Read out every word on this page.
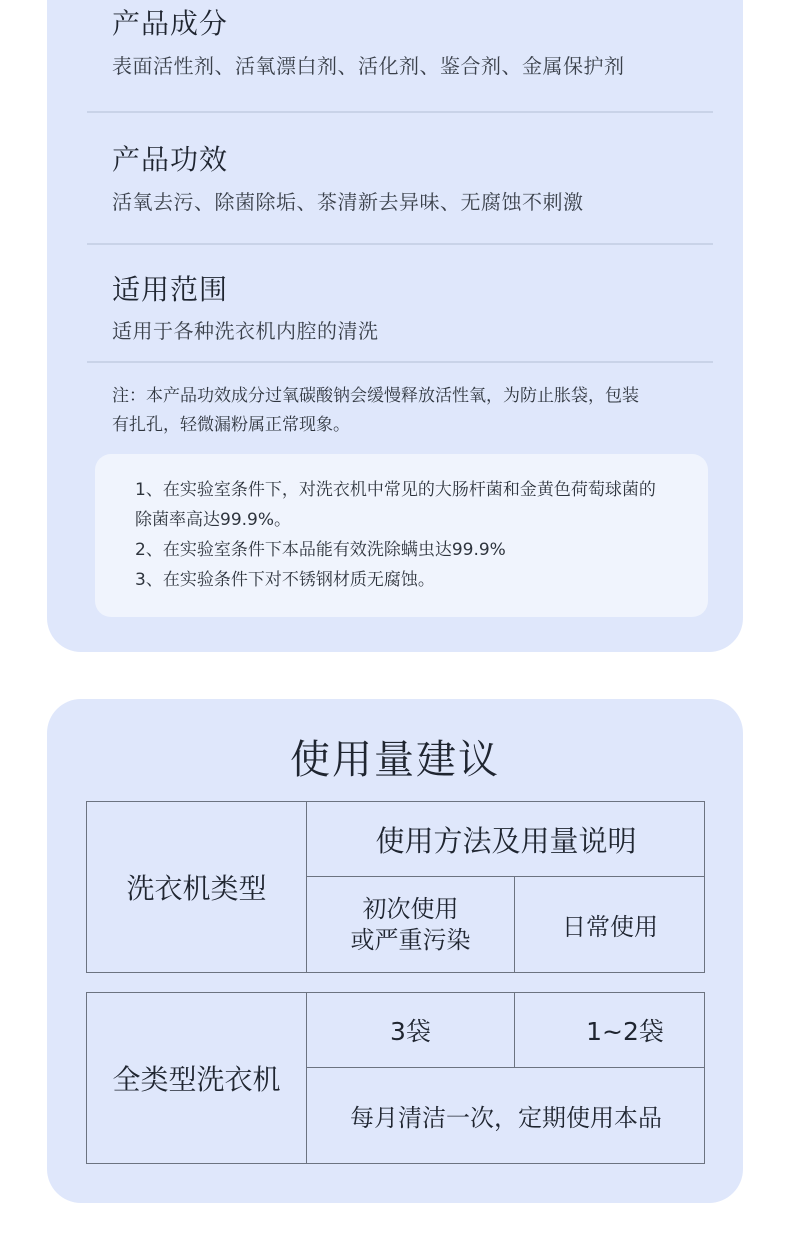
产品成分
表面活性剂、活氧漂白剂、活化剂、鉴合剂、金属保护剂
产品功效
活氧去污、除菌除垢、茶清新去异味、无腐蚀不刺激
适用范围
适用于各种洗衣机内腔的清洗
注：本产品功效成分过氧碳酸钠会缓慢释放活性氧，为防止胀袋，包装
有扎孔，轻微漏粉属正常现象。
1、在实验室条件下，对洗衣机中常见的大肠杆菌和金黄色荷萄球菌的
除菌率高达99.9%。
2、在实验室条件下本品能有效洗除螨虫达99.9%
3、在实验条件下对不锈钢材质无腐蚀。
使用量建议
洗衣机类型
使用方法及用量说明
初次使用
或严重污染	日常使用
全类型洗衣机
3袋	1~2袋
每月清洁一次，定期使用本品
